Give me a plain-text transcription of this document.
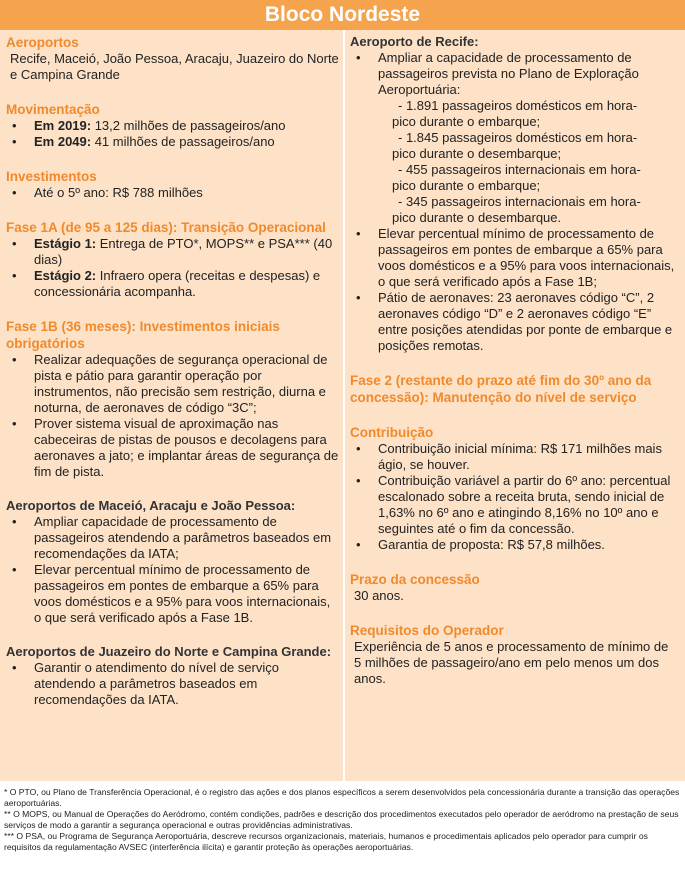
Bloco Nordeste
Aeroportos

Recife, Maceió, João Pessoa, Aracaju, Juazeiro do Norte e Campina Grande

Movimentação
• Em 2019: 13,2 milhões de passageiros/ano
• Em 2049: 41 milhões de passageiros/ano
Investimentos
• Até o 5º ano: R$ 788 milhões
Fase 1A (de 95 a 125 dias): Transição Operacional
• Estágio 1: Entrega de PTO*, MOPS** e PSA*** (40 dias)
• Estágio 2: Infraero opera (receitas e despesas) e concessionária acompanha.
Fase 1B (36 meses): Investimentos iniciais obrigatórios
• Realizar adequações de segurança operacional de pista e pátio para garantir operação por instrumentos, não precisão sem restrição, diurna e noturna, de aeronaves de código “3C”;
• Prover sistema visual de aproximação nas cabeceiras de pistas de pousos e decolagens para aeronaves a jato; e implantar áreas de segurança de fim de pista.
Aeroportos de Maceió, Aracaju e João Pessoa:
• Ampliar capacidade de processamento de passageiros atendendo a parâmetros baseados em recomendações da IATA;
• Elevar percentual mínimo de processamento de passageiros em pontes de embarque a 65% para voos domésticos e a 95% para voos internacionais, o que será verificado após a Fase 1B.
Aeroportos de Juazeiro do Norte e Campina Grande:
• Garantir o atendimento do nível de serviço atendendo a parâmetros baseados em recomendações da IATA.
Aeroporto de Recife:
• Ampliar a capacidade de processamento de passageiros prevista no Plano de Exploração Aeroportuária:
- 1.891 passageiros domésticos em hora-
pico durante o embarque;
- 1.845 passageiros domésticos em hora-
pico durante o desembarque;
- 455 passageiros internacionais em hora-
pico durante o embarque;
- 345 passageiros internacionais em hora-
pico durante o desembarque.
• Elevar percentual mínimo de processamento de passageiros em pontes de embarque a 65% para voos domésticos e a 95% para voos internacionais, o que será verificado após a Fase 1B;
• Pátio de aeronaves: 23 aeronaves código “C”, 2 aeronaves código “D” e 2 aeronaves código “E” entre posições atendidas por ponte de embarque e posições remotas.
Fase 2 (restante do prazo até fim do 30º ano da concessão): Manutenção do nível de serviço
Contribuição
• Contribuição inicial mínima: R$ 171 milhões mais ágio, se houver.
• Contribuição variável a partir do 6º ano: percentual escalonado sobre a receita bruta, sendo inicial de 1,63% no 6º ano e atingindo 8,16% no 10º ano e seguintes até o fim da concessão.
• Garantia de proposta: R$ 57,8 milhões.
Prazo da concessão

30 anos.

Requisitos do Operador

Experiência de 5 anos e processamento de mínimo de 5 milhões de passageiro/ano em pelo menos um dos anos.

* O PTO, ou Plano de Transferência Operacional, é o registro das ações e dos planos específicos a serem desenvolvidos pela concessionária durante a transição das operações aeroportuárias.

** O MOPS, ou Manual de Operações do Aeródromo, contém condições, padrões e descrição dos procedimentos executados pelo operador de aeródromo na prestação de seus serviços de modo a garantir a segurança operacional e outras providências administrativas.

*** O PSA, ou Programa de Segurança Aeroportuária, descreve recursos organizacionais, materiais, humanos e procedimentais aplicados pelo operador para cumprir os requisitos da regulamentação AVSEC (interferência ilícita) e garantir proteção às operações aeroportuárias.
